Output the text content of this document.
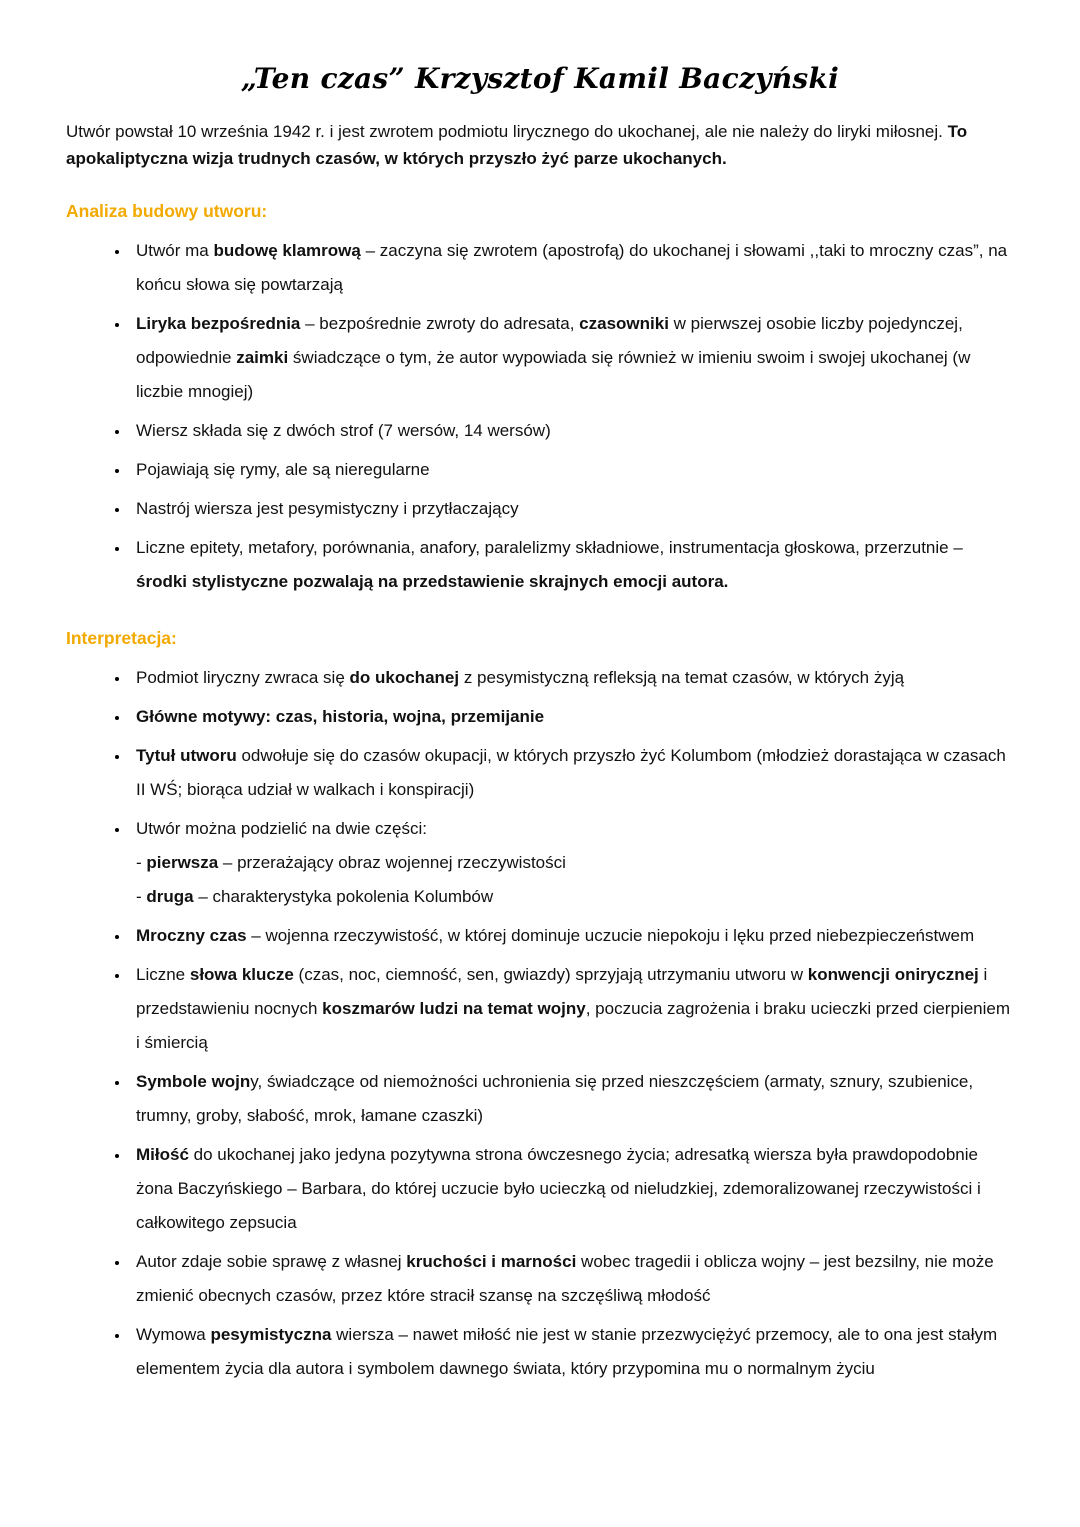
„Ten czas” Krzysztof Kamil Baczyński

Utwór powstał 10 września 1942 r. i jest zwrotem podmiotu lirycznego do ukochanej, ale nie należy do liryki miłosnej. To apokaliptyczna wizja trudnych czasów, w których przyszło żyć parze ukochanych.

Analiza budowy utworu:
• Utwór ma budowę klamrową – zaczyna się zwrotem (apostrofą) do ukochanej i słowami ,,taki to mroczny czas”, na końcu słowa się powtarzają
• Liryka bezpośrednia – bezpośrednie zwroty do adresata, czasowniki w pierwszej osobie liczby pojedynczej, odpowiednie zaimki świadczące o tym, że autor wypowiada się również w imieniu swoim i swojej ukochanej (w liczbie mnogiej)
• Wiersz składa się z dwóch strof (7 wersów, 14 wersów)
• Pojawiają się rymy, ale są nieregularne
• Nastrój wiersza jest pesymistyczny i przytłaczający
• Liczne epitety, metafory, porównania, anafory, paralelizmy składniowe, instrumentacja głoskowa, przerzutnie – środki stylistyczne pozwalają na przedstawienie skrajnych emocji autora.
Interpretacja:
• Podmiot liryczny zwraca się do ukochanej z pesymistyczną refleksją na temat czasów, w których żyją
• Główne motywy: czas, historia, wojna, przemijanie
• Tytuł utworu odwołuje się do czasów okupacji, w których przyszło żyć Kolumbom (młodzież dorastająca w czasach II WŚ; biorąca udział w walkach i konspiracji)
• Utwór można podzielić na dwie części:
- pierwsza – przerażający obraz wojennej rzeczywistości
- druga – charakterystyka pokolenia Kolumbów
• Mroczny czas – wojenna rzeczywistość, w której dominuje uczucie niepokoju i lęku przed niebezpieczeństwem
• Liczne słowa klucze (czas, noc, ciemność, sen, gwiazdy) sprzyjają utrzymaniu utworu w konwencji onirycznej i przedstawieniu nocnych koszmarów ludzi na temat wojny, poczucia zagrożenia i braku ucieczki przed cierpieniem i śmiercią
• Symbole wojny, świadczące od niemożności uchronienia się przed nieszczęściem (armaty, sznury, szubienice, trumny, groby, słabość, mrok, łamane czaszki)
• Miłość do ukochanej jako jedyna pozytywna strona ówczesnego życia; adresatką wiersza była prawdopodobnie żona Baczyńskiego – Barbara, do której uczucie było ucieczką od nieludzkiej, zdemoralizowanej rzeczywistości i całkowitego zepsucia
• Autor zdaje sobie sprawę z własnej kruchości i marności wobec tragedii i oblicza wojny – jest bezsilny, nie może zmienić obecnych czasów, przez które stracił szansę na szczęśliwą młodość
• Wymowa pesymistyczna wiersza – nawet miłość nie jest w stanie przezwyciężyć przemocy, ale to ona jest stałym elementem życia dla autora i symbolem dawnego świata, który przypomina mu o normalnym życiu
